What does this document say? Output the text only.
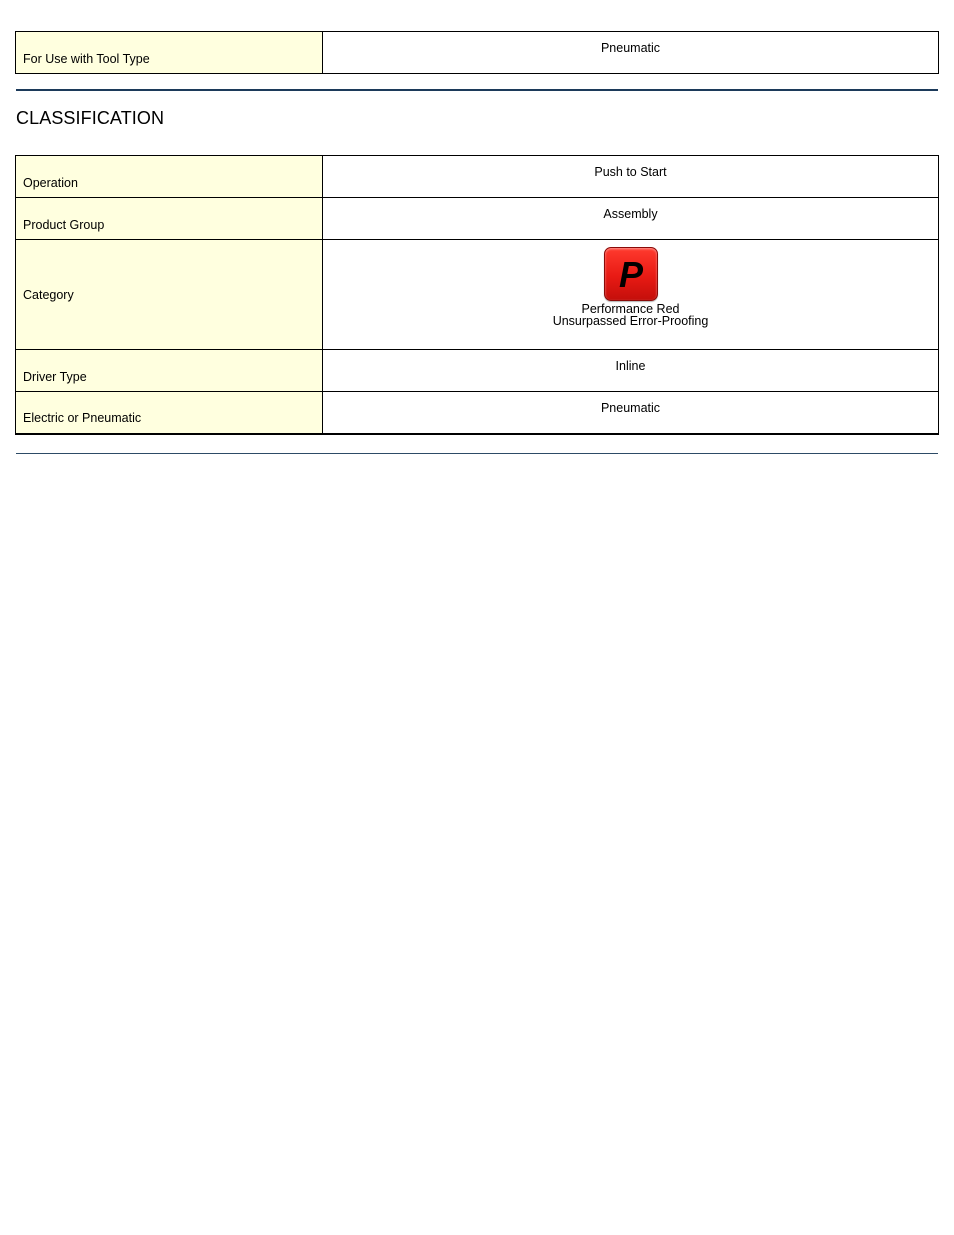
For Use with Tool Type	Pneumatic
CLASSIFICATION
Operation	Push to Start
Product Group	Assembly
Category	P
Performance Red
Unsurpassed Error-Proofing

Driver Type	Inline
Electric or Pneumatic	Pneumatic
